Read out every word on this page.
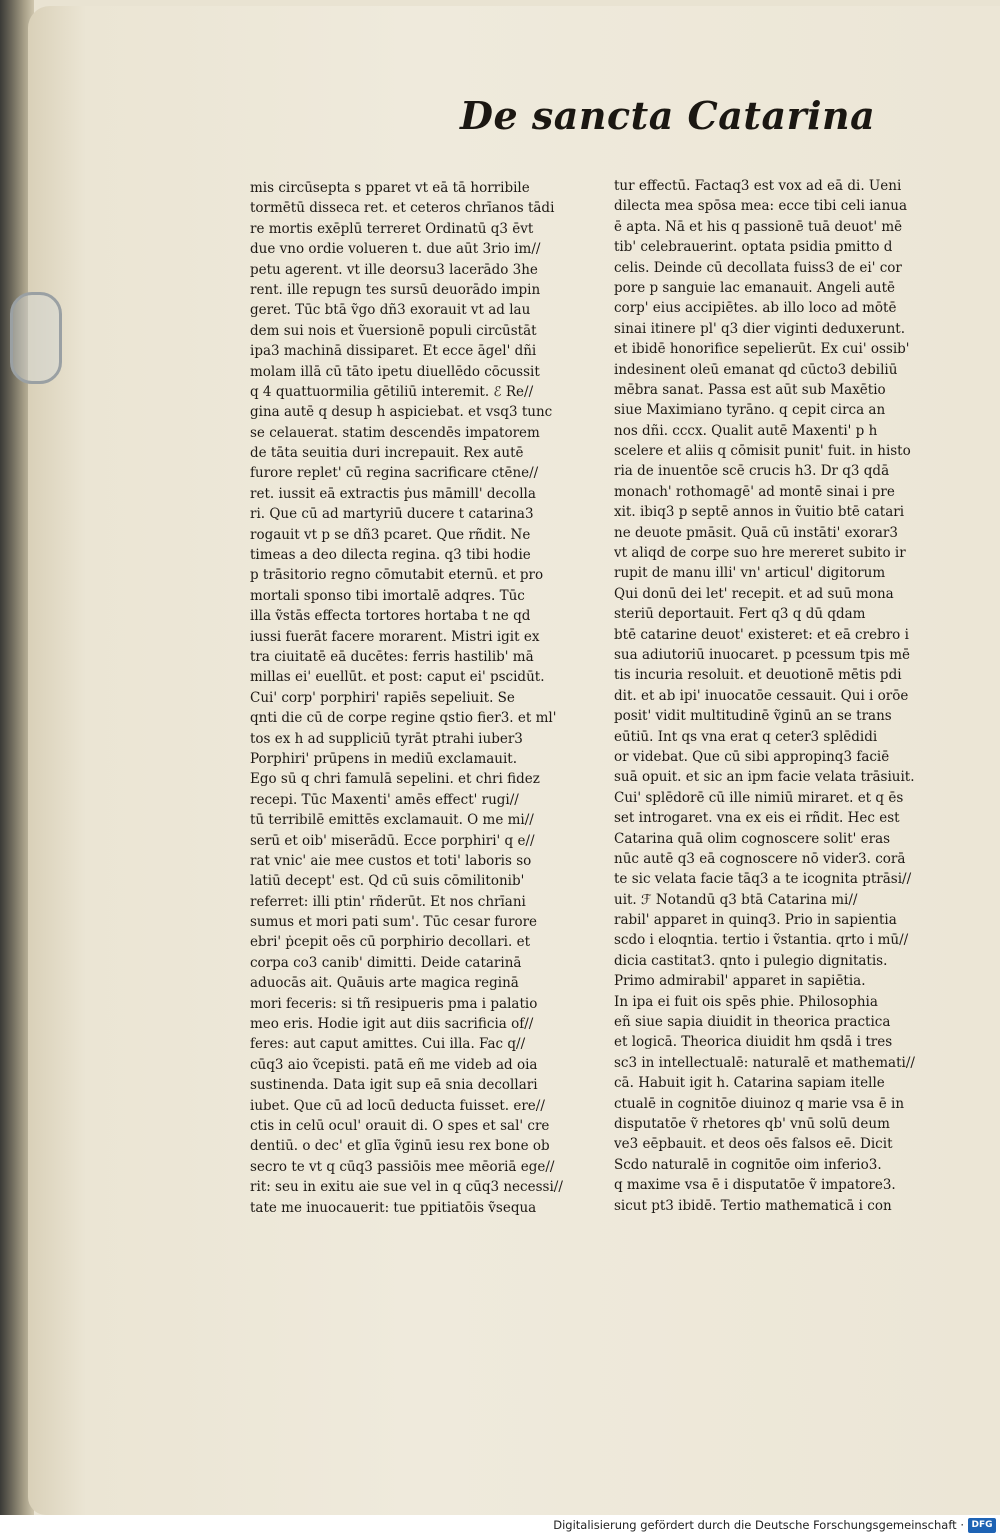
De sancta Catarina
mis circūsepta s pparet vt eā tā horribile
tormētū disseca ret. et ceteros chrīanos tādi
re mortis exēplū terreret Ordinatū q3 ēvt
due vno ordie volueren t. due aūt 3rio im//
petu agerent. vt ille deorsu3 lacerādo 3he
rent. ille repugn tes sursū deuorādo impin
geret. Tūc btā ṽgo dñ3 exorauit vt ad lau
dem sui nois et ṽuersionē populi circūstāt
ipa3 machinā dissiparet. Et ecce āgel' dñi
molam illā cū tāto ipetu diuellēdo cōcussit
q 4 quattuormilia gētiliū interemit. ℰ Re//
gina autē q desup h aspiciebat. et vsq3 tunc
se celauerat. statim descendēs impatorem
de tāta seuitia duri increpauit. Rex autē
furore replet' cū regina sacrificare ctēne//
ret. iussit eā extractis ṗus māmill' decolla
ri. Que cū ad martyriū ducere t catarina3
rogauit vt p se dñ3 pcaret. Que rñdit. Ne
timeas a deo dilecta regina. q3 tibi hodie
p trāsitorio regno cōmutabit eternū. et pro
mortali sponso tibi imortalē adqres. Tūc
illa ṽstās effecta tortores hortaba t ne qd
iussi fuerāt facere morarent. Mistri igit ex
tra ciuitatē eā ducētes: ferris hastilib' mā
millas ei' euellūt. et post: caput ei' pscidūt.
Cui' corp' porphiri' rapiēs sepeliuit. Se
qnti die cū de corpe regine qstio fier3. et ml'
tos ex h ad suppliciū tyrāt ptrahi iuber3
Porphiri' prūpens in mediū exclamauit.
Ego sū q chri famulā sepelini. et chri fidez
recepi. Tūc Maxenti' amēs effect' rugi//
tū terribilē emittēs exclamauit. O me mi//
serū et oib' miserādū. Ecce porphiri' q e//
rat vnic' aie mee custos et toti' laboris so
latiū decept' est. Qd cū suis cōmilitonib'
referret: illi ptin' rñderūt. Et nos chrīani
sumus et mori pati sum'. Tūc cesar furore
ebri' ṗcepit oēs cū porphirio decollari. et
corpa co3 canib' dimitti. Deide catarinā
aduocās ait. Quāuis arte magica reginā
mori feceris: si tñ resipueris pma i palatio
meo eris. Hodie igit aut diis sacrificia of//
feres: aut caput amittes. Cui illa. Fac q//
cūq3 aio ṽcepisti. patā eñ me videb ad oia
sustinenda. Data igit sup eā snia decollari
iubet. Que cū ad locū deducta fuisset. ere//
ctis in celū ocul' orauit di. O spes et sal' cre
dentiū. o dec' et glīa ṽginū iesu rex bone ob
secro te vt q cūq3 passiōis mee mēoriā ege//
rit: seu in exitu aie sue vel in q cūq3 necessi//
tate me inuocauerit: tue ppitiatōis ṽsequa
tur effectū. Factaq3 est vox ad eā di. Ueni
dilecta mea spōsa mea: ecce tibi celi ianua
ē apta. Nā et his q passionē tuā deuot' mē
tib' celebrauerint. optata psidia pmitto d
celis. Deinde cū decollata fuiss3 de ei' cor
pore p sanguie lac emanauit. Angeli autē
corp' eius accipiētes. ab illo loco ad mōtē
sinai itinere pl' q3 dier viginti deduxerunt.
et ibidē honorifice sepelierūt. Ex cui' ossib'
indesinent oleū emanat qd cūcto3 debiliū
mēbra sanat. Passa est aūt sub Maxētio
siue Maximiano tyrāno. q cepit circa an
nos dñi. cccx. Qualit autē Maxenti' p h
scelere et aliis q cōmisit punit' fuit. in histo
ria de inuentōe scē crucis h3. Dr q3 qdā
monach' rothomagē' ad montē sinai i pre
xit. ibiq3 p septē annos in ṽuitio btē catari
ne deuote pmāsit. Quā cū instāti' exorar3
vt aliqd de corpe suo hre mereret subito ir
rupit de manu illi' vn' articul' digitorum
Qui donū dei let' recepit. et ad suū mona
steriū deportauit. Fert q3 q dū qdam
btē catarine deuot' existeret: et eā crebro i
sua adiutoriū inuocaret. p pcessum tpis mē
tis incuria resoluit. et deuotionē mētis pdi
dit. et ab ipi' inuocatōe cessauit. Qui i orōe
posit' vidit multitudinē ṽginū an se trans
eūtiū. Int qs vna erat q ceter3 splēdidi
or videbat. Que cū sibi appropinq3 faciē
suā opuit. et sic an ipm facie velata trāsiuit.
Cui' splēdorē cū ille nimiū miraret. et q ēs
set introgaret. vna ex eis ei rñdit. Hec est
Catarina quā olim cognoscere solit' eras
nūc autē q3 eā cognoscere nō vider3. corā
te sic velata facie tāq3 a te icognita ptrāsi//
uit. ℱ Notandū q3 btā Catarina mi//
rabil' apparet in quinq3. Prio in sapientia
scdo i eloqntia. tertio i ṽstantia. qrto i mū//
dicia castitat3. qnto i pulegio dignitatis.
Primo admirabil' apparet in sapiētia.
In ipa ei fuit ois spēs phie. Philosophia
eñ siue sapia diuidit in theorica practica
et logicā. Theorica diuidit hm qsdā i tres
sc3 in intellectualē: naturalē et mathemati//
cā. Habuit igit h. Catarina sapiam itelle
ctualē in cognitōe diuinoz q marie vsa ē in
disputatōe ṽ rhetores qb' vnū solū deum
ve3 eēpbauit. et deos oēs falsos eē. Dicit
Scdo naturalē in cognitōe oim inferio3.
q maxime vsa ē i disputatōe ṽ impatore3.
sicut pt3 ibidē. Tertio mathematicā i con
Digitalisierung gefördert durch die Deutsche Forschungsgemeinschaft · DFG
